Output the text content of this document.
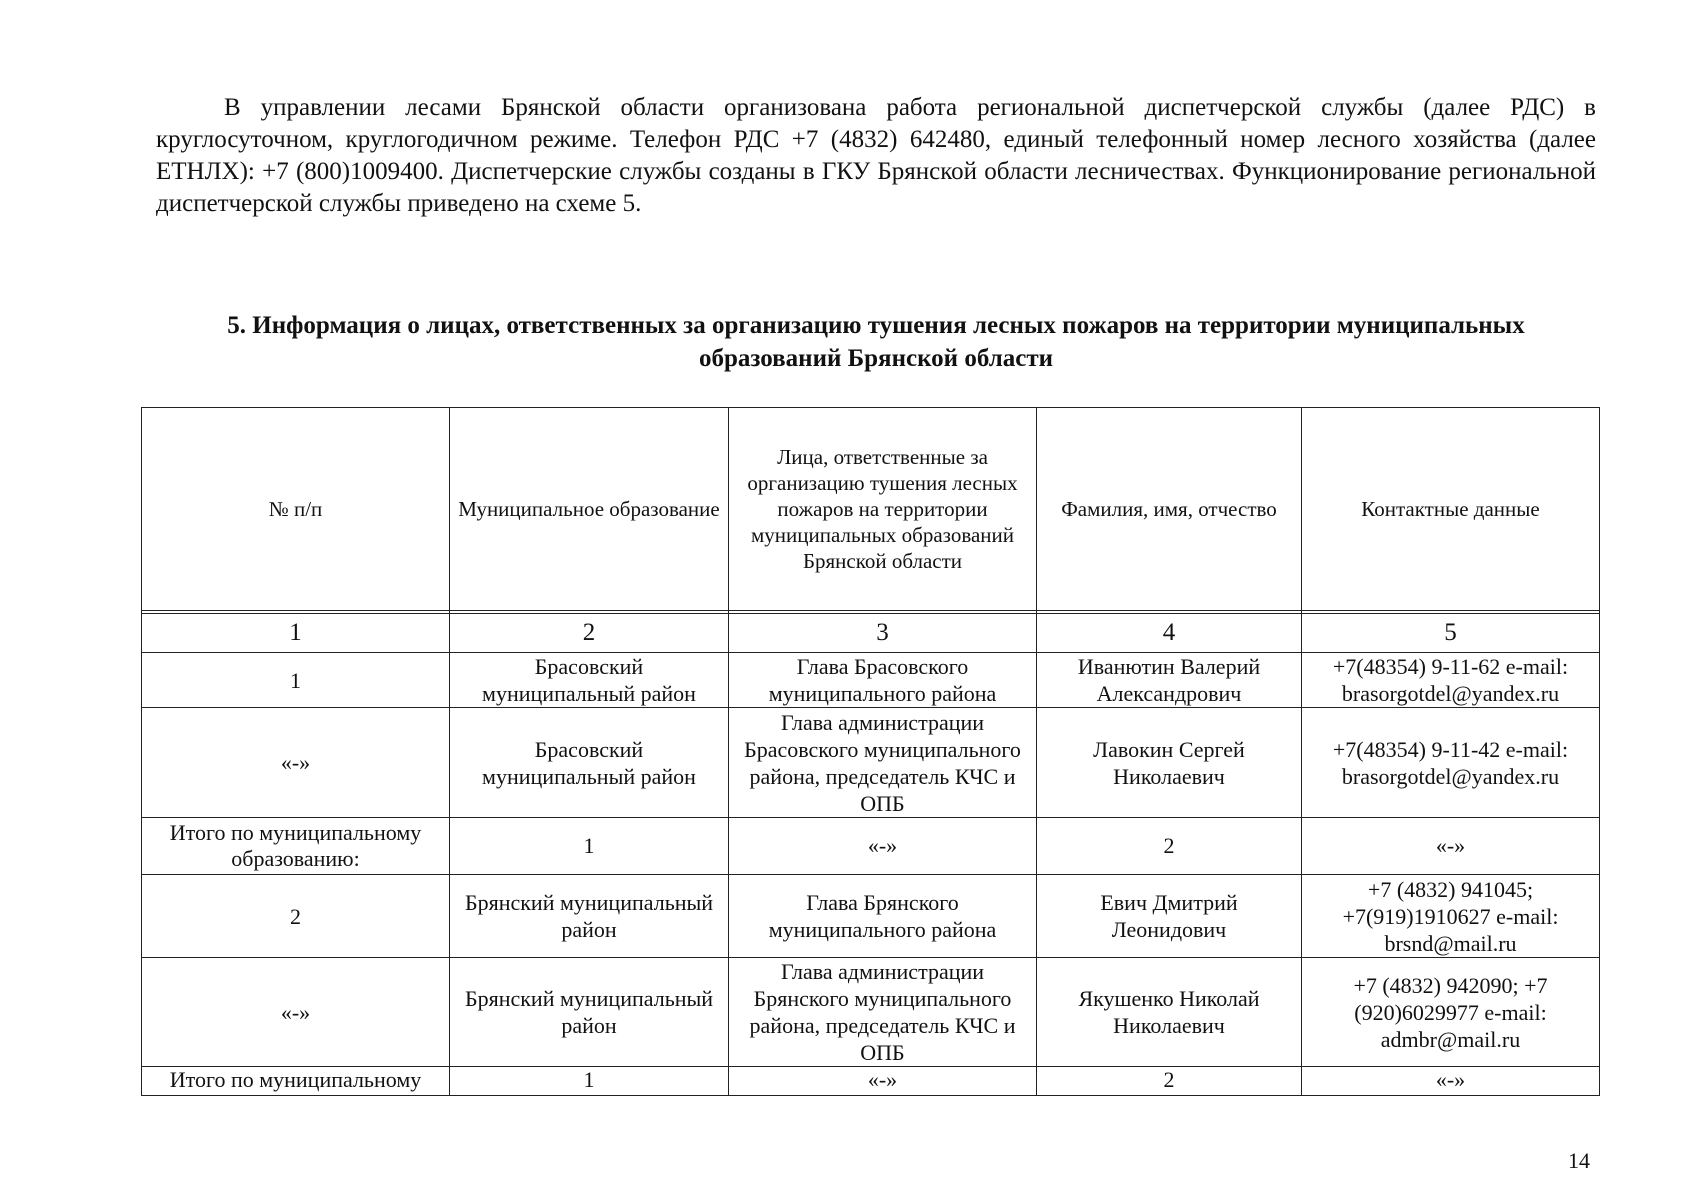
В управлении лесами Брянской области организована работа региональной диспетчерской службы (далее РДС) в круглосуточном, круглогодичном режиме. Телефон РДС +7 (4832) 642480, единый телефонный номер лесного хозяйства (далее ЕТНЛХ): +7 (800)1009400. Диспетчерские службы созданы в ГКУ Брянской области лесничествах. Функционирование региональной диспетчерской службы приведено на схеме 5.

5. Информация о лицах, ответственных за организацию тушения лесных пожаров на территории муниципальных образований Брянской области
№ п/п	Муниципальное образование	Лица, ответственные за организацию тушения лесных пожаров на территории муниципальных образований Брянской области	Фамилия, имя, отчество	Контактные данные

1	2	3	4	5
1	Брасовский муниципальный район	Глава Брасовского муниципального района	Иванютин Валерий Александрович	+7(48354) 9-11-62 e-mail: brasorgotdel@yandex.ru
«-»	Брасовский муниципальный район	Глава администрации Брасовского муниципального района, председатель КЧС и ОПБ	Лавокин Сергей Николаевич	+7(48354) 9-11-42 e-mail: brasorgotdel@yandex.ru
Итого по муниципальному образованию:	1	«-»	2	«-»
2	Брянский муниципальный район	Глава Брянского муниципального района	Евич Дмитрий Леонидович	+7 (4832) 941045; +7(919)1910627 e-mail: brsnd@mail.ru
«-»	Брянский муниципальный район	Глава администрации Брянского муниципального района, председатель КЧС и ОПБ	Якушенко Николай Николаевич	+7 (4832) 942090; +7 (920)6029977 e-mail: admbr@mail.ru
Итого по муниципальному	1	«-»	2	«-»
14
